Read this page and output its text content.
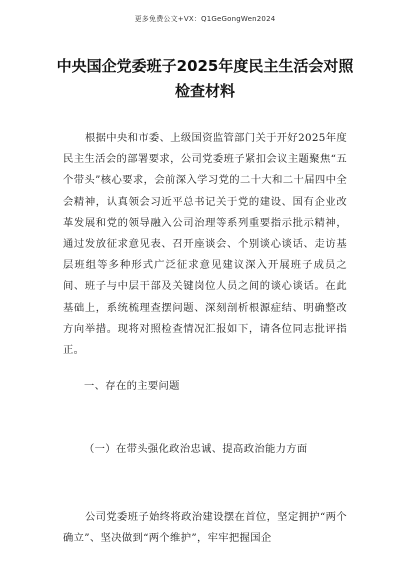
更多免费公文+VX：Q1GeGongWen2024
中央国企党委班子2025年度民主生活会对照检查材料
根据中央和市委、上级国资监管部门关于开好2025年度民主生活会的部署要求，公司党委班子紧扣会议主题聚焦“五个带头”核心要求，会前深入学习党的二十大和二十届四中全会精神，认真领会习近平总书记关于党的建设、国有企业改革发展和党的领导融入公司治理等系列重要指示批示精神，通过发放征求意见表、召开座谈会、个别谈心谈话、走访基层班组等多种形式广泛征求意见建议深入开展班子成员之间、班子与中层干部及关键岗位人员之间的谈心谈话。在此基础上，系统梳理查摆问题、深刻剖析根源症结、明确整改方向举措。现将对照检查情况汇报如下，请各位同志批评指正。
一、存在的主要问题
（一）在带头强化政治忠诚、提高政治能力方面
公司党委班子始终将政治建设摆在首位，坚定拥护“两个确立”、坚决做到“两个维护”，牢牢把握国企
